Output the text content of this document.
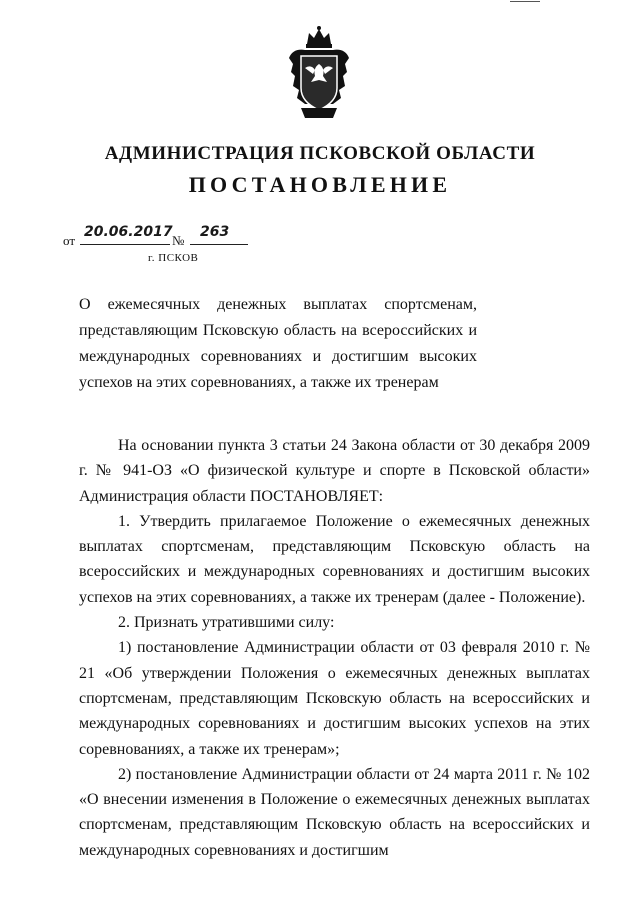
АДМИНИСТРАЦИЯ ПСКОВСКОЙ ОБЛАСТИ
ПОСТАНОВЛЕНИЕ
от
20.06.2017
№
263
г. ПСКОВ
О ежемесячных денежных выплатах спортсменам, представляющим Псковскую область на всероссийских и международных соревнованиях и достигшим высоких успехов на этих соревнованиях, а также их тренерам

На основании пункта 3 статьи 24 Закона области от 30 декабря 2009 г. № 941-ОЗ «О физической культуре и спорте в Псковской области» Администрация области ПОСТАНОВЛЯЕТ:

1. Утвердить прилагаемое Положение о ежемесячных денежных выплатах спортсменам, представляющим Псковскую область на всероссийских и международных соревнованиях и достигшим высоких успехов на этих соревнованиях, а также их тренерам (далее - Положение).

2. Признать утратившими силу:

1) постановление Администрации области от 03 февраля 2010 г. № 21 «Об утверждении Положения о ежемесячных денежных выплатах спортсменам, представляющим Псковскую область на всероссийских и международных соревнованиях и достигшим высоких успехов на этих соревнованиях, а также их тренерам»;

2) постановление Администрации области от 24 марта 2011 г. № 102 «О внесении изменения в Положение о ежемесячных денежных выплатах спортсменам, представляющим Псковскую область на всероссийских и международных соревнованиях и достигшим
